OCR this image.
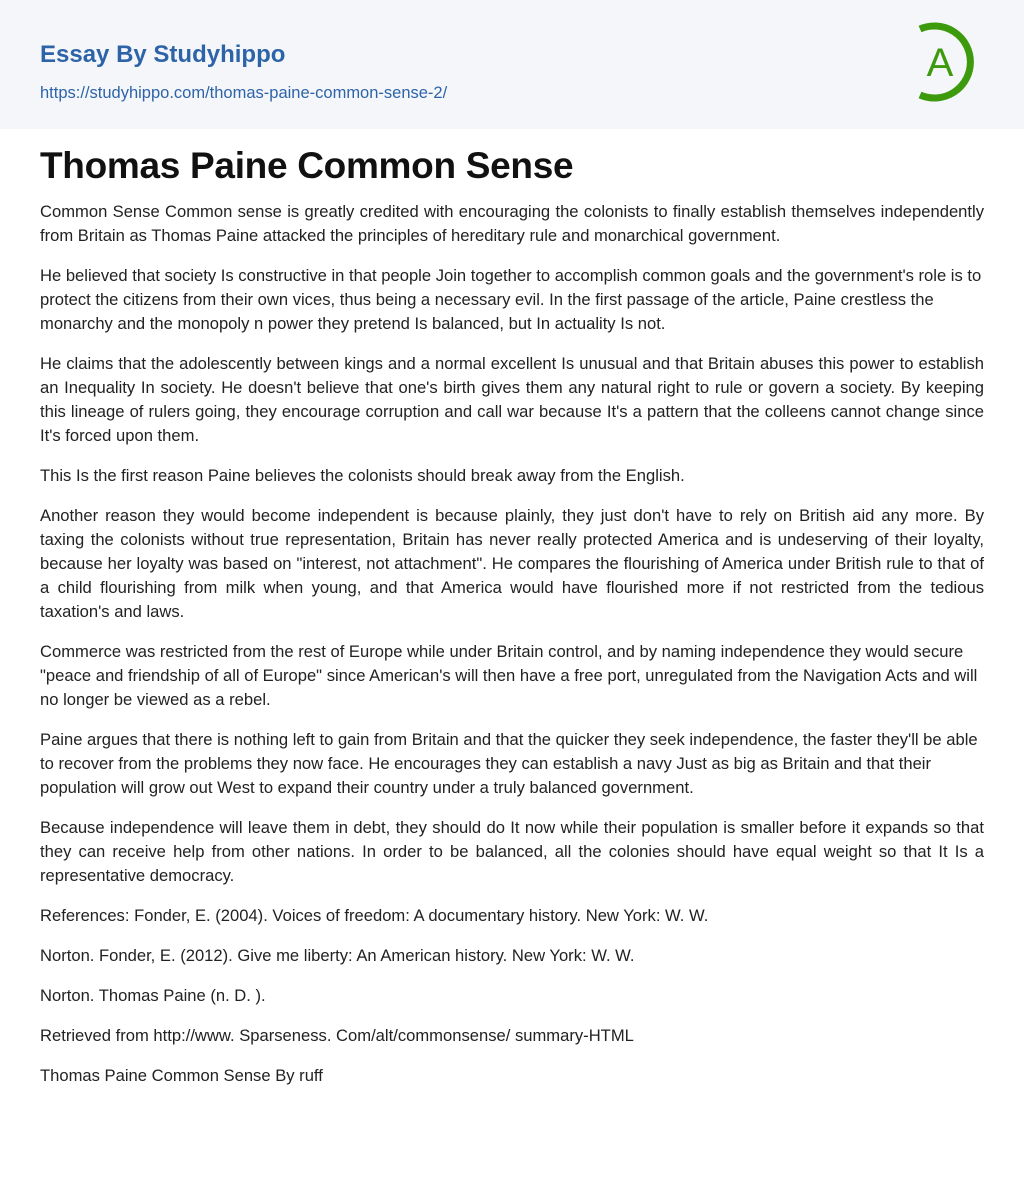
Essay By Studyhippo
https://studyhippo.com/thomas-paine-common-sense-2/
A
Thomas Paine Common Sense

Common Sense Common sense is greatly credited with encouraging the colonists to finally establish themselves independently from Britain as Thomas Paine attacked the principles of hereditary rule and monarchical government.

He believed that society Is constructive in that people Join together to accomplish common goals and the government's role is to protect the citizens from their own vices, thus being a necessary evil. In the first passage of the article, Paine crestless the monarchy and the monopoly n power they pretend Is balanced, but In actuality Is not.

He claims that the adolescently between kings and a normal excellent Is unusual and that Britain abuses this power to establish an Inequality In society. He doesn't believe that one's birth gives them any natural right to rule or govern a society. By keeping this lineage of rulers going, they encourage corruption and call war because It's a pattern that the colleens cannot change since It's forced upon them.

This Is the first reason Paine believes the colonists should break away from the English.

Another reason they would become independent is because plainly, they just don't have to rely on British aid any more. By taxing the colonists without true representation, Britain has never really protected America and is undeserving of their loyalty, because her loyalty was based on "interest, not attachment". He compares the flourishing of America under British rule to that of a child flourishing from milk when young, and that America would have flourished more if not restricted from the tedious taxation's and laws.

Commerce was restricted from the rest of Europe while under Britain control, and by naming independence they would secure "peace and friendship of all of Europe" since American's will then have a free port, unregulated from the Navigation Acts and will no longer be viewed as a rebel.

Paine argues that there is nothing left to gain from Britain and that the quicker they seek independence, the faster they'll be able to recover from the problems they now face. He encourages they can establish a navy Just as big as Britain and that their population will grow out West to expand their country under a truly balanced government.

Because independence will leave them in debt, they should do It now while their population is smaller before it expands so that they can receive help from other nations. In order to be balanced, all the colonies should have equal weight so that It Is a representative democracy.

References: Fonder, E. (2004). Voices of freedom: A documentary history. New York: W. W.

Norton. Fonder, E. (2012). Give me liberty: An American history. New York: W. W.

Norton. Thomas Paine (n. D. ).

Retrieved from http://www. Sparseness. Com/alt/commonsense/ summary-HTML

Thomas Paine Common Sense By ruff
